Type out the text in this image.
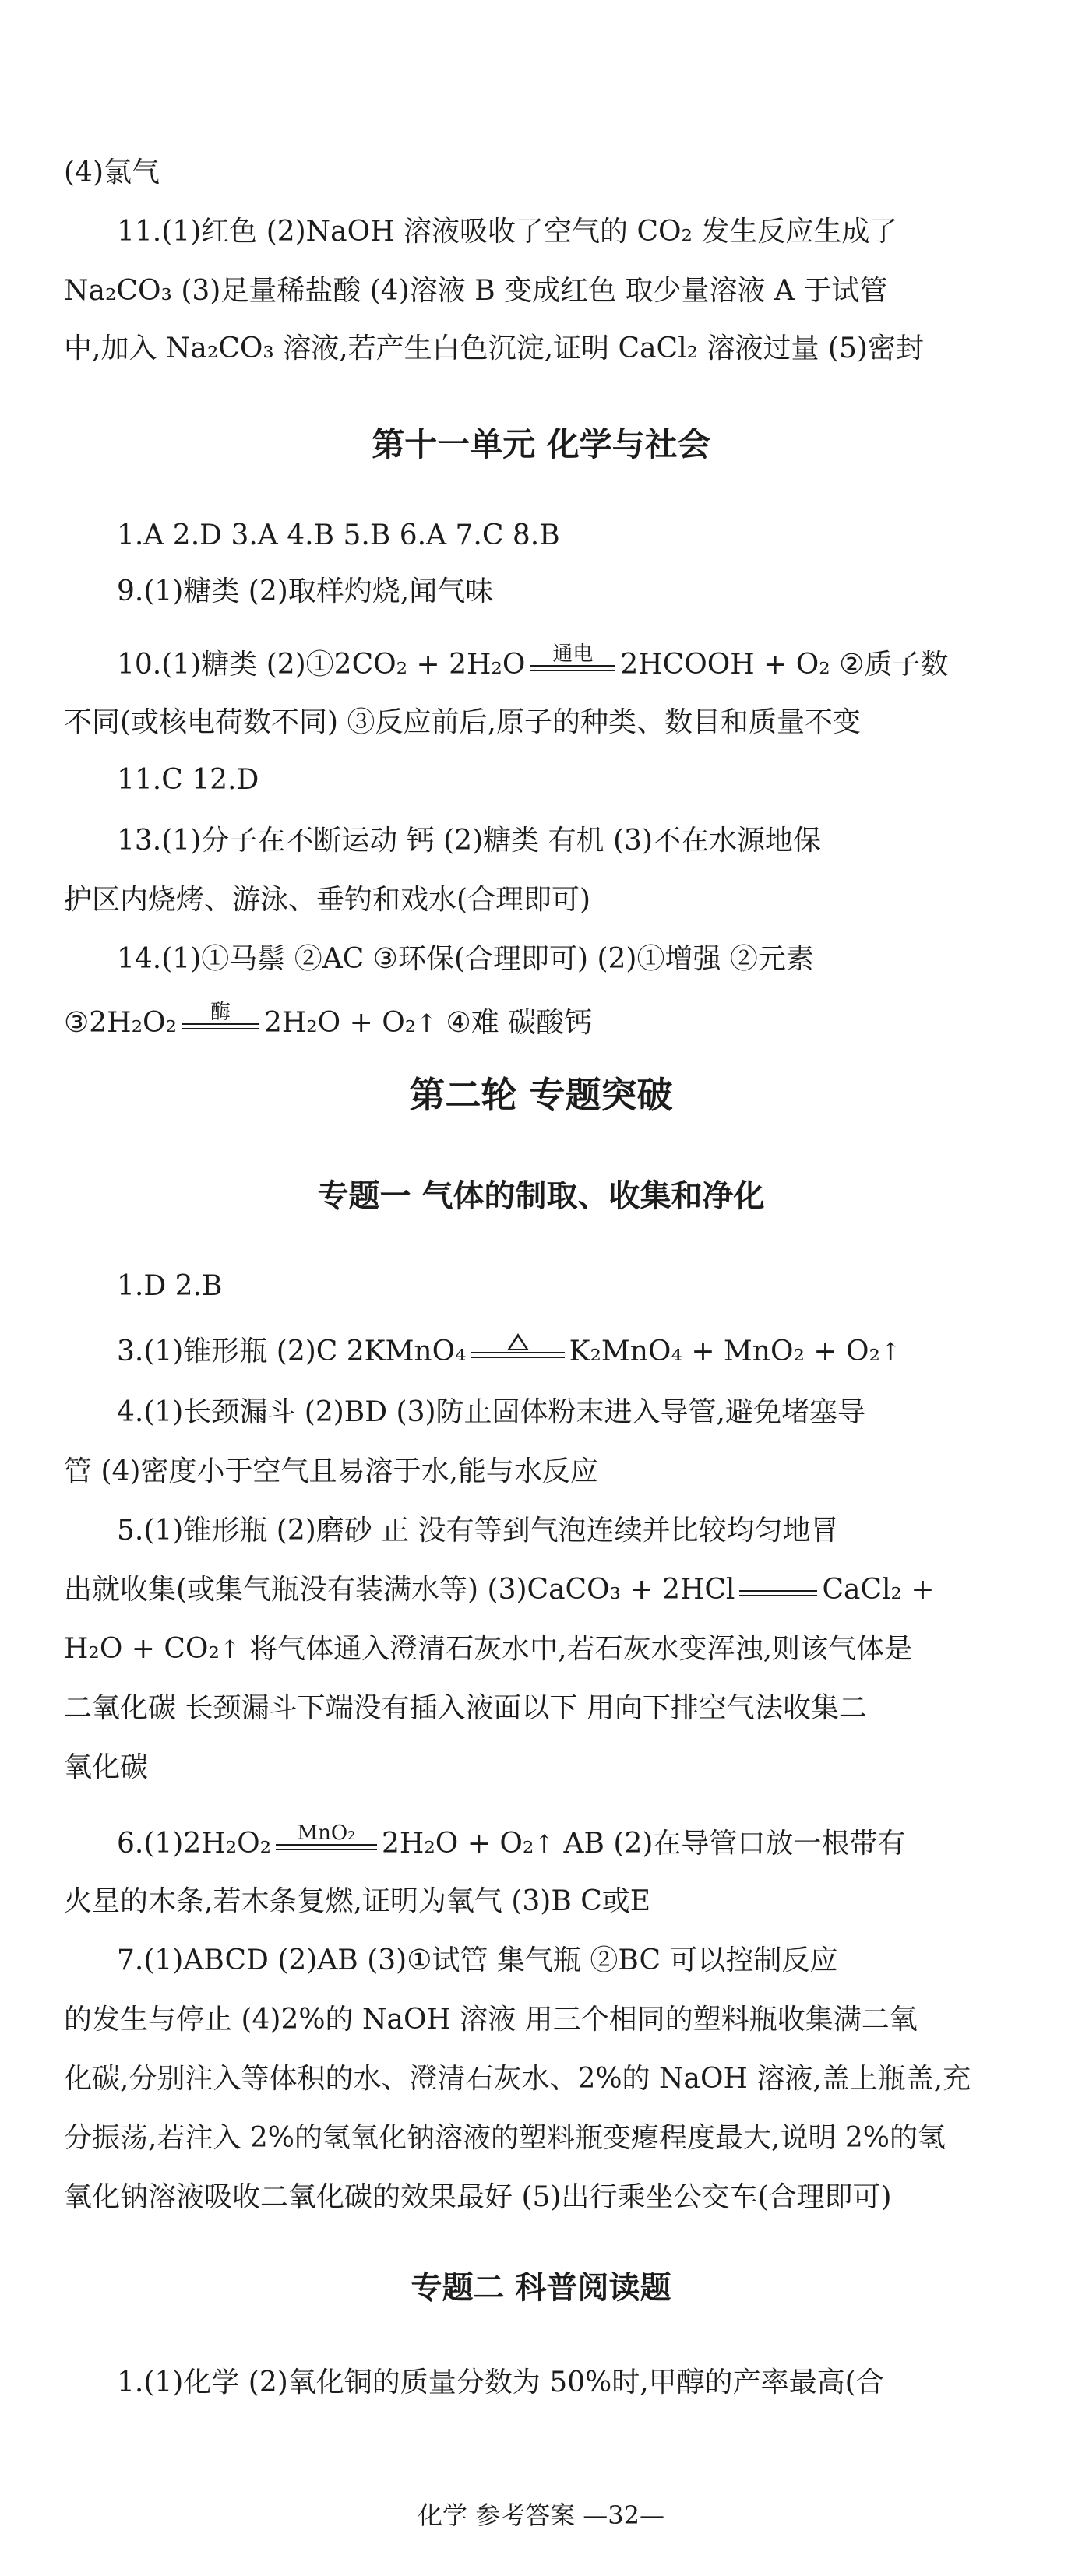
(4)氯气
11.(1)红色 (2)NaOH 溶液吸收了空气的 CO₂ 发生反应生成了
Na₂CO₃ (3)足量稀盐酸 (4)溶液 B 变成红色 取少量溶液 A 于试管
中,加入 Na₂CO₃ 溶液,若产生白色沉淀,证明 CaCl₂ 溶液过量 (5)密封
第十一单元 化学与社会
1.A 2.D 3.A 4.B 5.B 6.A 7.C 8.B
9.(1)糖类 (2)取样灼烧,闻气味
10.(1)糖类 (2)①2CO₂ + 2H₂O	通电 2HCOOH + O₂ ②质子数
不同(或核电荷数不同) ③反应前后,原子的种类、数目和质量不变
11.C 12.D
13.(1)分子在不断运动 钙 (2)糖类 有机 (3)不在水源地保
护区内烧烤、游泳、垂钓和戏水(合理即可)
14.(1)①马鬃 ②AC ③环保(合理即可) (2)①增强 ②元素
③2H₂O₂	酶	2H₂O + O₂↑ ④难 碳酸钙
第二轮 专题突破
专题一 气体的制取、收集和净化
1.D 2.B
3.(1)锥形瓶 (2)C 2KMnO₄	K₂MnO₄ + MnO₂ + O₂↑
4.(1)长颈漏斗 (2)BD (3)防止固体粉末进入导管,避免堵塞导
管 (4)密度小于空气且易溶于水,能与水反应
5.(1)锥形瓶 (2)磨砂 正 没有等到气泡连续并比较均匀地冒
出就收集(或集气瓶没有装满水等) (3)CaCO₃ + 2HCl	CaCl₂ +
H₂O + CO₂↑ 将气体通入澄清石灰水中,若石灰水变浑浊,则该气体是
二氧化碳 长颈漏斗下端没有插入液面以下 用向下排空气法收集二
氧化碳
6.(1)2H₂O₂	MnO₂ 2H₂O + O₂↑ AB (2)在导管口放一根带有
火星的木条,若木条复燃,证明为氧气 (3)B C或E
7.(1)ABCD (2)AB (3)①试管 集气瓶 ②BC 可以控制反应
的发生与停止 (4)2%的 NaOH 溶液 用三个相同的塑料瓶收集满二氧
化碳,分别注入等体积的水、澄清石灰水、2%的 NaOH 溶液,盖上瓶盖,充
分振荡,若注入 2%的氢氧化钠溶液的塑料瓶变瘪程度最大,说明 2%的氢
氧化钠溶液吸收二氧化碳的效果最好 (5)出行乘坐公交车(合理即可)
专题二 科普阅读题
1.(1)化学 (2)氧化铜的质量分数为 50%时,甲醇的产率最高(合
化学 参考答案 —32—
